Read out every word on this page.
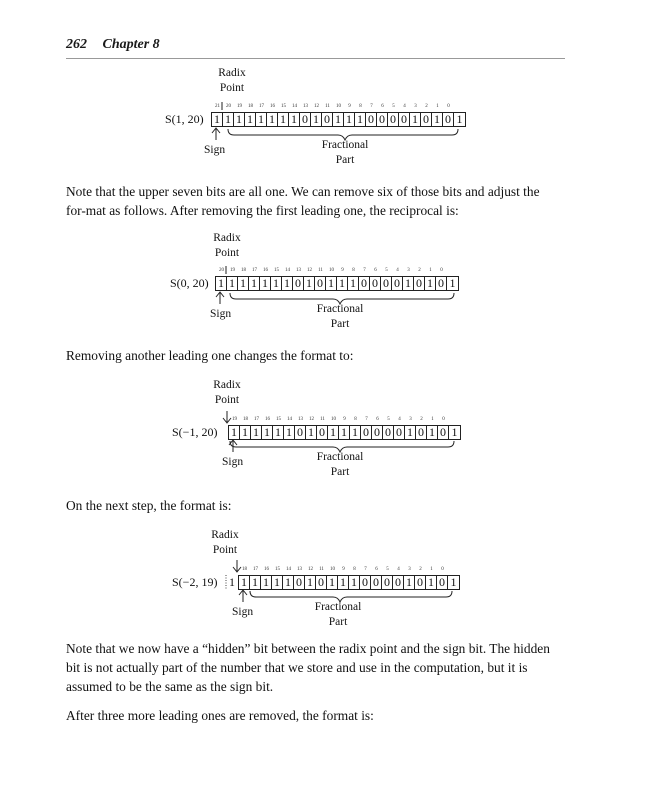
262 Chapter 8
Radix
Point
S(1, 20) 1 1 1 1 1 1 1 1 0 1 0 1 1 1 0 0 0 0 1 0 1 0 1
Sign	Fractional
Part
21	20	19	18	17	16	15	14	13	12	11	10	9	8	7	6	5	4	3	2	1	0
Note that the upper seven bits are all one. We can remove six of those bits and adjust the for-mat as follows. After removing the first leading one, the reciprocal is:
Radix
Point
S(0, 20) 1 1 1 1 1 1 1 0 1 0 1 1 1 0 0 0 0 1 0 1 0 1
Sign	Fractional
Part
20	19	18	17	16	15	14	13	12	11	10	9	8	7	6	5	4	3	2	1	0
Removing another leading one changes the format to:
Radix
Point
S(−1, 20) 1 1 1 1 1 1 0 1 0 1 1 1 0 0 0 0 1 0 1 0 1
Sign	Fractional
Part
19	18	17	16	15	14	13	12	11	10	9	8	7	6	5	4	3	2	1	0
On the next step, the format is:
Radix
Point
S(−2, 19) 1 1 1 1 1 1 0 1 0 1 1 1 0 0 0 0 1 0 1 0 1
Sign	Fractional
Part
18	17	16	15	14	13	12	11	10	9	8	7	6	5	4	3	2	1	0
Note that we now have a “hidden” bit between the radix point and the sign bit. The hidden bit is not actually part of the number that we store and use in the computation, but it is assumed to be the same as the sign bit.
After three more leading ones are removed, the format is:
